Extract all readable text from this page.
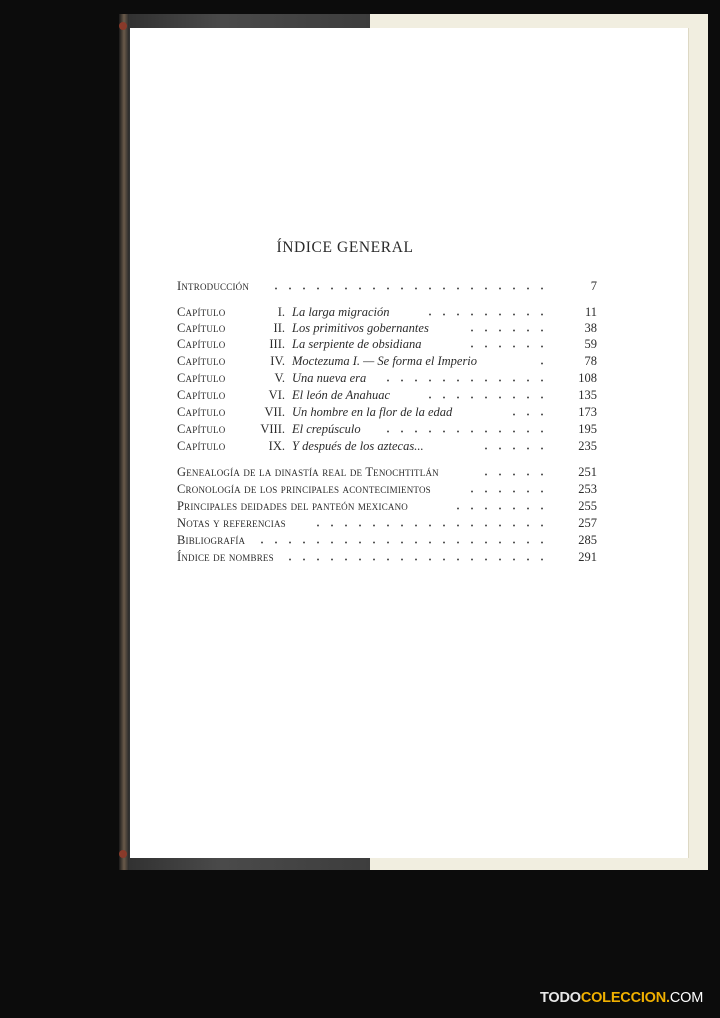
ÍNDICE GENERAL
Introducción	7
Capítulo	I. La larga migración	11
Capítulo	II. Los primitivos gobernantes	38
Capítulo	III. La serpiente de obsidiana	59
Capítulo	IV. Moctezuma I. — Se forma el Imperio	78
Capítulo	V. Una nueva era	108
Capítulo	VI. El león de Anahuac	135
Capítulo	VII. Un hombre en la flor de la edad	173
Capítulo	VIII. El crepúsculo	195
Capítulo	IX. Y después de los aztecas...	235
Genealogía de la dinastía real de Tenochtitlán	251
Cronología de los principales acontecimientos	253
Principales deidades del panteón mexicano	255
Notas y referencias	257
Bibliografía	285
Índice de nombres	291
TODOCOLECCION.COM
